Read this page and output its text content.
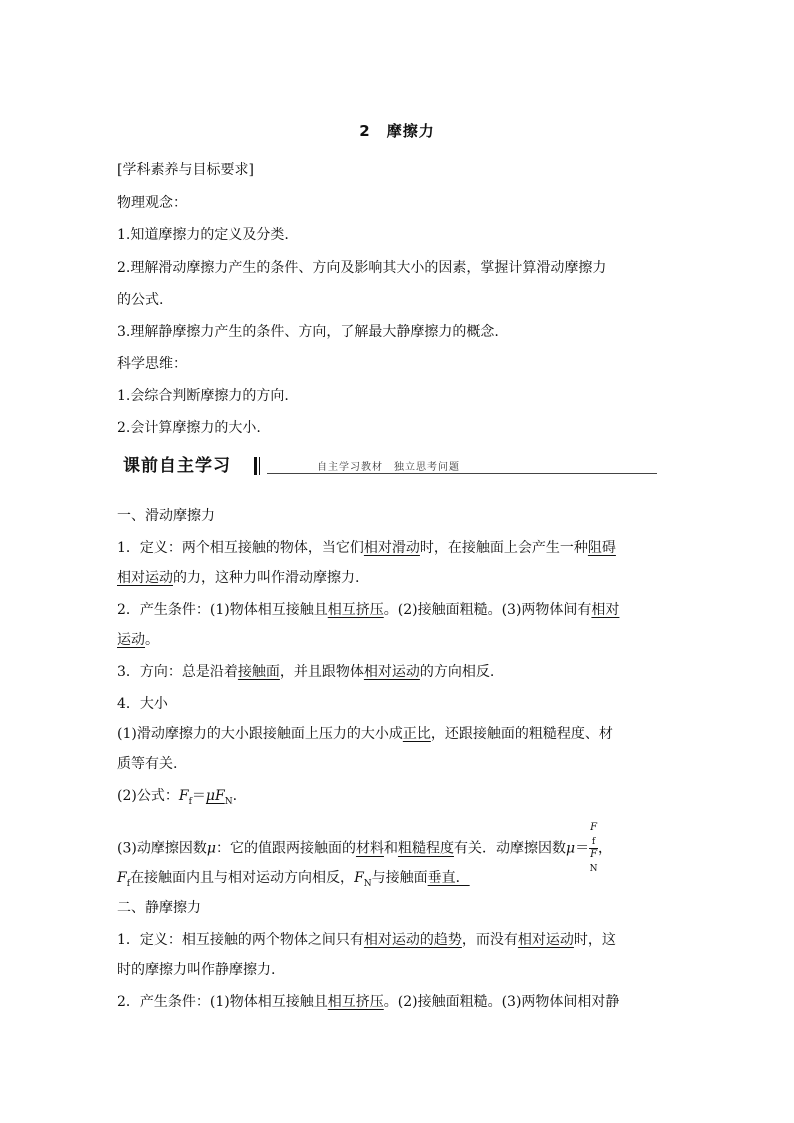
2　摩擦力
[学科素养与目标要求]
物理观念：
1.知道摩擦力的定义及分类.
2.理解滑动摩擦力产生的条件、方向及影响其大小的因素，掌握计算滑动摩擦力
的公式.
3.理解静摩擦力产生的条件、方向，了解最大静摩擦力的概念.
科学思维：
1.会综合判断摩擦力的方向.
2.会计算摩擦力的大小.
课前自主学习	自主学习教材　独立思考问题
一、滑动摩擦力
1．定义：两个相互接触的物体，当它们相对滑动时，在接触面上会产生一种阻碍
相对运动的力，这种力叫作滑动摩擦力.
2．产生条件：(1)物体相互接触且相互挤压。(2)接触面粗糙。(3)两物体间有相对
运动。
3．方向：总是沿着接触面，并且跟物体相对运动的方向相反.
4．大小
(1)滑动摩擦力的大小跟接触面上压力的大小成正比，还跟接触面的粗糙程度、材
质等有关.
(2)公式：$F_f=\mu F_N$.
(3)动摩擦因数μ：它的值跟两接触面的材料和粗糙程度有关．动摩擦因数μ＝ F
$_f$
F
$_N$ ，
$F_f$在接触面内且与相对运动方向相反，$F_N$与接触面垂直．
二、静摩擦力
1．定义：相互接触的两个物体之间只有相对运动的趋势，而没有相对运动时，这
时的摩擦力叫作静摩擦力.
2．产生条件：(1)物体相互接触且相互挤压。(2)接触面粗糙。(3)两物体间相对静
